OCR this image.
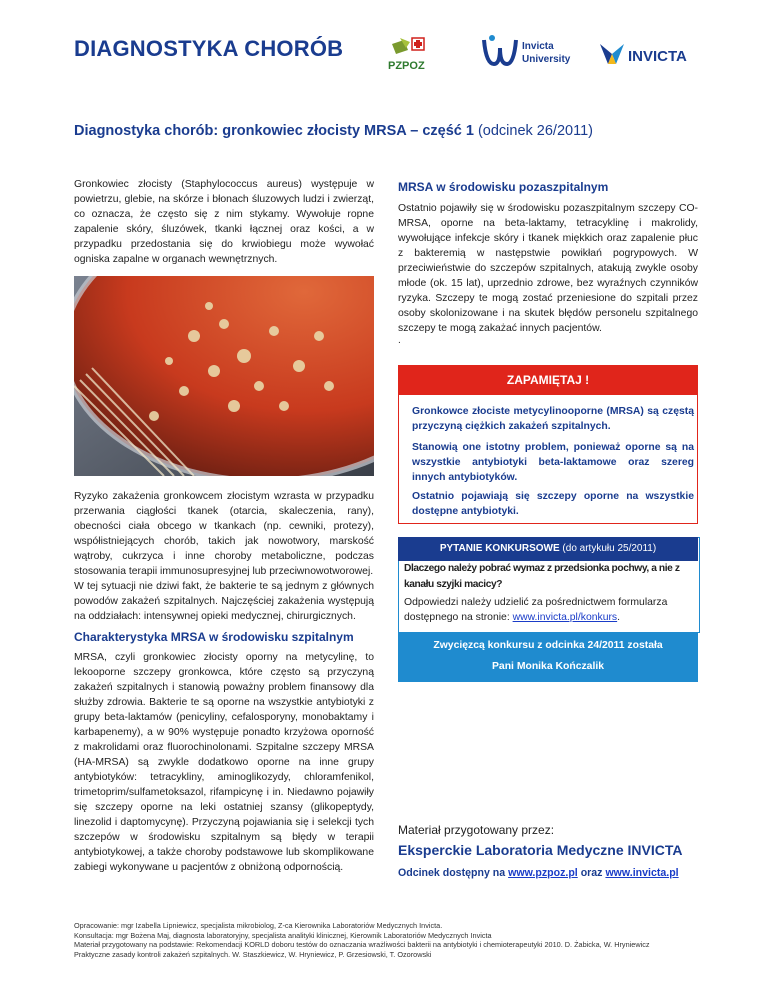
DIAGNOSTYKA CHORÓB
PZPOZ
Invicta
University	INVICTA
Diagnostyka chorób: gronkowiec złocisty MRSA – część 1 (odcinek 26/2011)
Gronkowiec złocisty (Staphylococcus aureus) występuje w powietrzu, glebie, na skórze i błonach śluzowych ludzi i zwierząt, co oznacza, że często się z nim stykamy. Wywołuje ropne zapalenie skóry, śluzówek, tkanki łącznej oraz kości, a w przypadku przedostania się do krwiobiegu może wywołać ogniska zapalne w organach wewnętrznych.
Ryzyko zakażenia gronkowcem złocistym wzrasta w przypadku przerwania ciągłości tkanek (otarcia, skaleczenia, rany), obecności ciała obcego w tkankach (np. cewniki, protezy), współistniejących chorób, takich jak nowotwory, marskość wątroby, cukrzyca i inne choroby metaboliczne, podczas stosowania terapii immunosupresyjnej lub przeciwnowotworowej.
W tej sytuacji nie dziwi fakt, że bakterie te są jednym z głównych powodów zakażeń szpitalnych. Najczęściej zakażenia występują na oddziałach: intensywnej opieki medycznej, chirurgicznych.
Charakterystyka MRSA w środowisku szpitalnym
MRSA, czyli gronkowiec złocisty oporny na metycylinę, to lekooporne szczepy gronkowca, które często są przyczyną zakażeń szpitalnych i stanowią poważny problem finansowy dla służby zdrowia. Bakterie te są oporne na wszystkie antybiotyki z grupy beta-laktamów (penicyliny, cefalosporyny, monobaktamy i karbapenemy), a w 90% występuje ponadto krzyżowa oporność z makrolidami oraz fluorochinolonami. Szpitalne szczepy MRSA (HA-MRSA) są zwykle dodatkowo oporne na inne grupy antybiotyków: tetracykliny, aminoglikozydy, chloramfenikol, trimetoprim/sulfametoksazol, rifampicynę i in. Niedawno pojawiły się szczepy oporne na leki ostatniej szansy (glikopeptydy, linezolid i daptomycynę). Przyczyną pojawiania się i selekcji tych szczepów w środowisku szpitalnym są błędy w terapii antybiotykowej, a także choroby podstawowe lub skomplikowane zabiegi wykonywane u pacjentów z obniżoną odpornością.
MRSA w środowisku pozaszpitalnym
Ostatnio pojawiły się w środowisku pozaszpitalnym szczepy CO-MRSA, oporne na beta-laktamy, tetracyklinę i makrolidy, wywołujące infekcje skóry i tkanek miękkich oraz zapalenie płuc z bakteremią w następstwie powikłań pogrypowych. W przeciwieństwie do szczepów szpitalnych, atakują zwykle osoby młode (ok. 15 lat), uprzednio zdrowe, bez wyraźnych czynników ryzyka. Szczepy te mogą zostać przeniesione do szpitali przez osoby skolonizowane i na skutek błędów personelu szpitalnego szczepy te mogą zakażać innych pacjentów.
.
ZAPAMIĘTAJ !
Gronkowce złociste metycylinooporne (MRSA) są częstą przyczyną ciężkich zakażeń szpitalnych.
Stanowią one istotny problem, ponieważ oporne są na wszystkie antybiotyki beta-laktamowe oraz szereg innych antybiotyków.
Ostatnio pojawiają się szczepy oporne na wszystkie dostępne antybiotyki.
PYTANIE KONKURSOWE (do artykułu 25/2011)
Dlaczego należy pobrać wymaz z przedsionka pochwy, a nie z kanału szyjki macicy?
Odpowiedzi należy udzielić za pośrednictwem formularza dostępnego na stronie: www.invicta.pl/konkurs.
Zwycięzcą konkursu z odcinka 24/2011 została
Pani Monika Kończalik
Materiał przygotowany przez:
Eksperckie Laboratoria Medyczne INVICTA
Odcinek dostępny na www.pzpoz.pl oraz www.invicta.pl
Opracowanie: mgr Izabella Lipniewicz, specjalista mikrobiolog, Z-ca Kierownika Laboratoriów Medycznych Invicta.
Konsultacja: mgr Bożena Maj, diagnosta laboratoryjny, specjalista analityki klinicznej, Kierownik Laboratoriów Medycznych Invicta
Materiał przygotowany na podstawie: Rekomendacji KORLD doboru testów do oznaczania wrażliwości bakterii na antybiotyki i chemioterapeutyki 2010. D. Żabicka, W. Hryniewicz
Praktyczne zasady kontroli zakażeń szpitalnych. W. Staszkiewicz, W. Hryniewicz, P. Grzesiowski, T. Ozorowski
